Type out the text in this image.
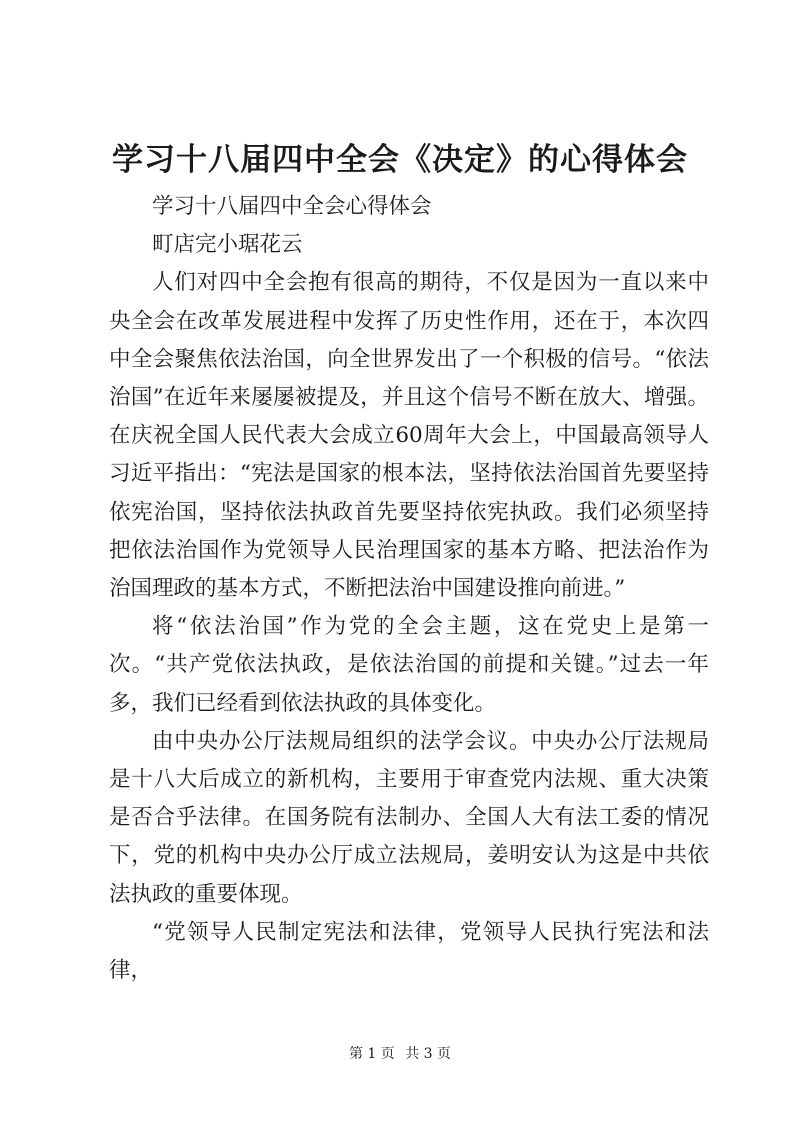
学习十八届四中全会《决定》的心得体会

学习十八届四中全会心得体会

町店完小琚花云

人们对四中全会抱有很高的期待，不仅是因为一直以来中央全会在改革发展进程中发挥了历史性作用，还在于，本次四中全会聚焦依法治国，向全世界发出了一个积极的信号。“依法治国”在近年来屡屡被提及，并且这个信号不断在放大、增强。在庆祝全国人民代表大会成立60周年大会上，中国最高领导人习近平指出：“宪法是国家的根本法，坚持依法治国首先要坚持依宪治国，坚持依法执政首先要坚持依宪执政。我们必须坚持把依法治国作为党领导人民治理国家的基本方略、把法治作为治国理政的基本方式，不断把法治中国建设推向前进。”

将“依法治国”作为党的全会主题，这在党史上是第一次。“共产党依法执政，是依法治国的前提和关键。”过去一年多，我们已经看到依法执政的具体变化。

由中央办公厅法规局组织的法学会议。中央办公厅法规局是十八大后成立的新机构，主要用于审查党内法规、重大决策是否合乎法律。在国务院有法制办、全国人大有法工委的情况下，党的机构中央办公厅成立法规局，姜明安认为这是中共依法执政的重要体现。

“党领导人民制定宪法和法律，党领导人民执行宪法和法律，

第 1 页 共 3 页
